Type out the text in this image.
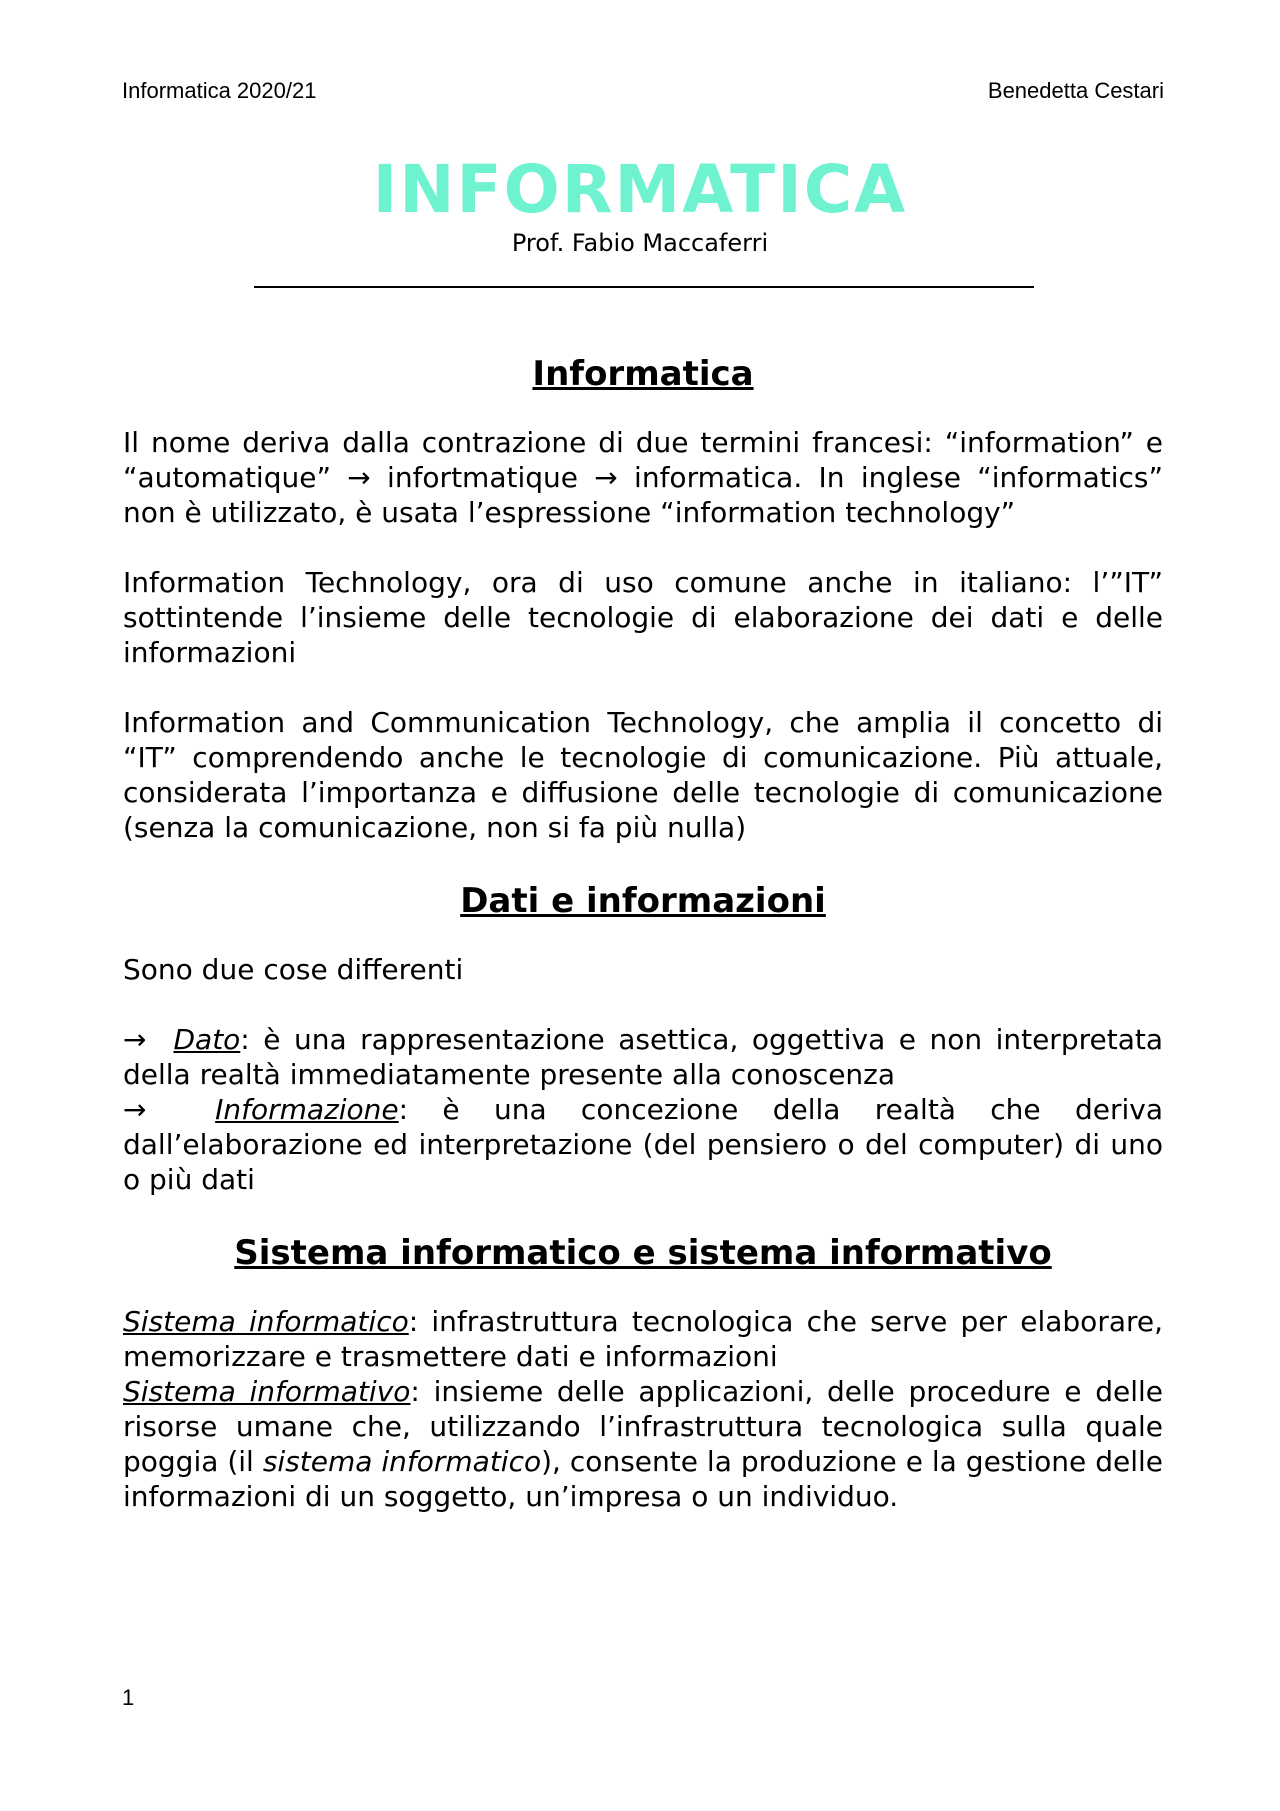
Informatica 2020/21	Benedetta Cestari
INFORMATICA
Prof. Fabio Maccaferri
Informatica

Il nome deriva dalla contrazione di due termini francesi: “information” e “automatique” → infortmatique → informatica. In inglese “informatics” non è utilizzato, è usata l’espressione “information technology”

Information Technology, ora di uso comune anche in italiano: l’”IT” sottintende l’insieme delle tecnologie di elaborazione dei dati e delle informazioni

Information and Communication Technology, che amplia il concetto di “IT” comprendendo anche le tecnologie di comunicazione. Più attuale, considerata l’importanza e diffusione delle tecnologie di comunicazione (senza la comunicazione, non si fa più nulla)

Dati e informazioni

Sono due cose differenti

→ Dato: è una rappresentazione asettica, oggettiva e non interpretata della realtà immediatamente presente alla conoscenza

→ Informazione: è una concezione della realtà che deriva dall’elaborazione ed interpretazione (del pensiero o del computer) di uno o più dati

Sistema informatico e sistema informativo

Sistema informatico: infrastruttura tecnologica che serve per elaborare, memorizzare e trasmettere dati e informazioni

Sistema informativo: insieme delle applicazioni, delle procedure e delle risorse umane che, utilizzando l’infrastruttura tecnologica sulla quale poggia (il sistema informatico), consente la produzione e la gestione delle informazioni di un soggetto, un’impresa o un individuo.

1
